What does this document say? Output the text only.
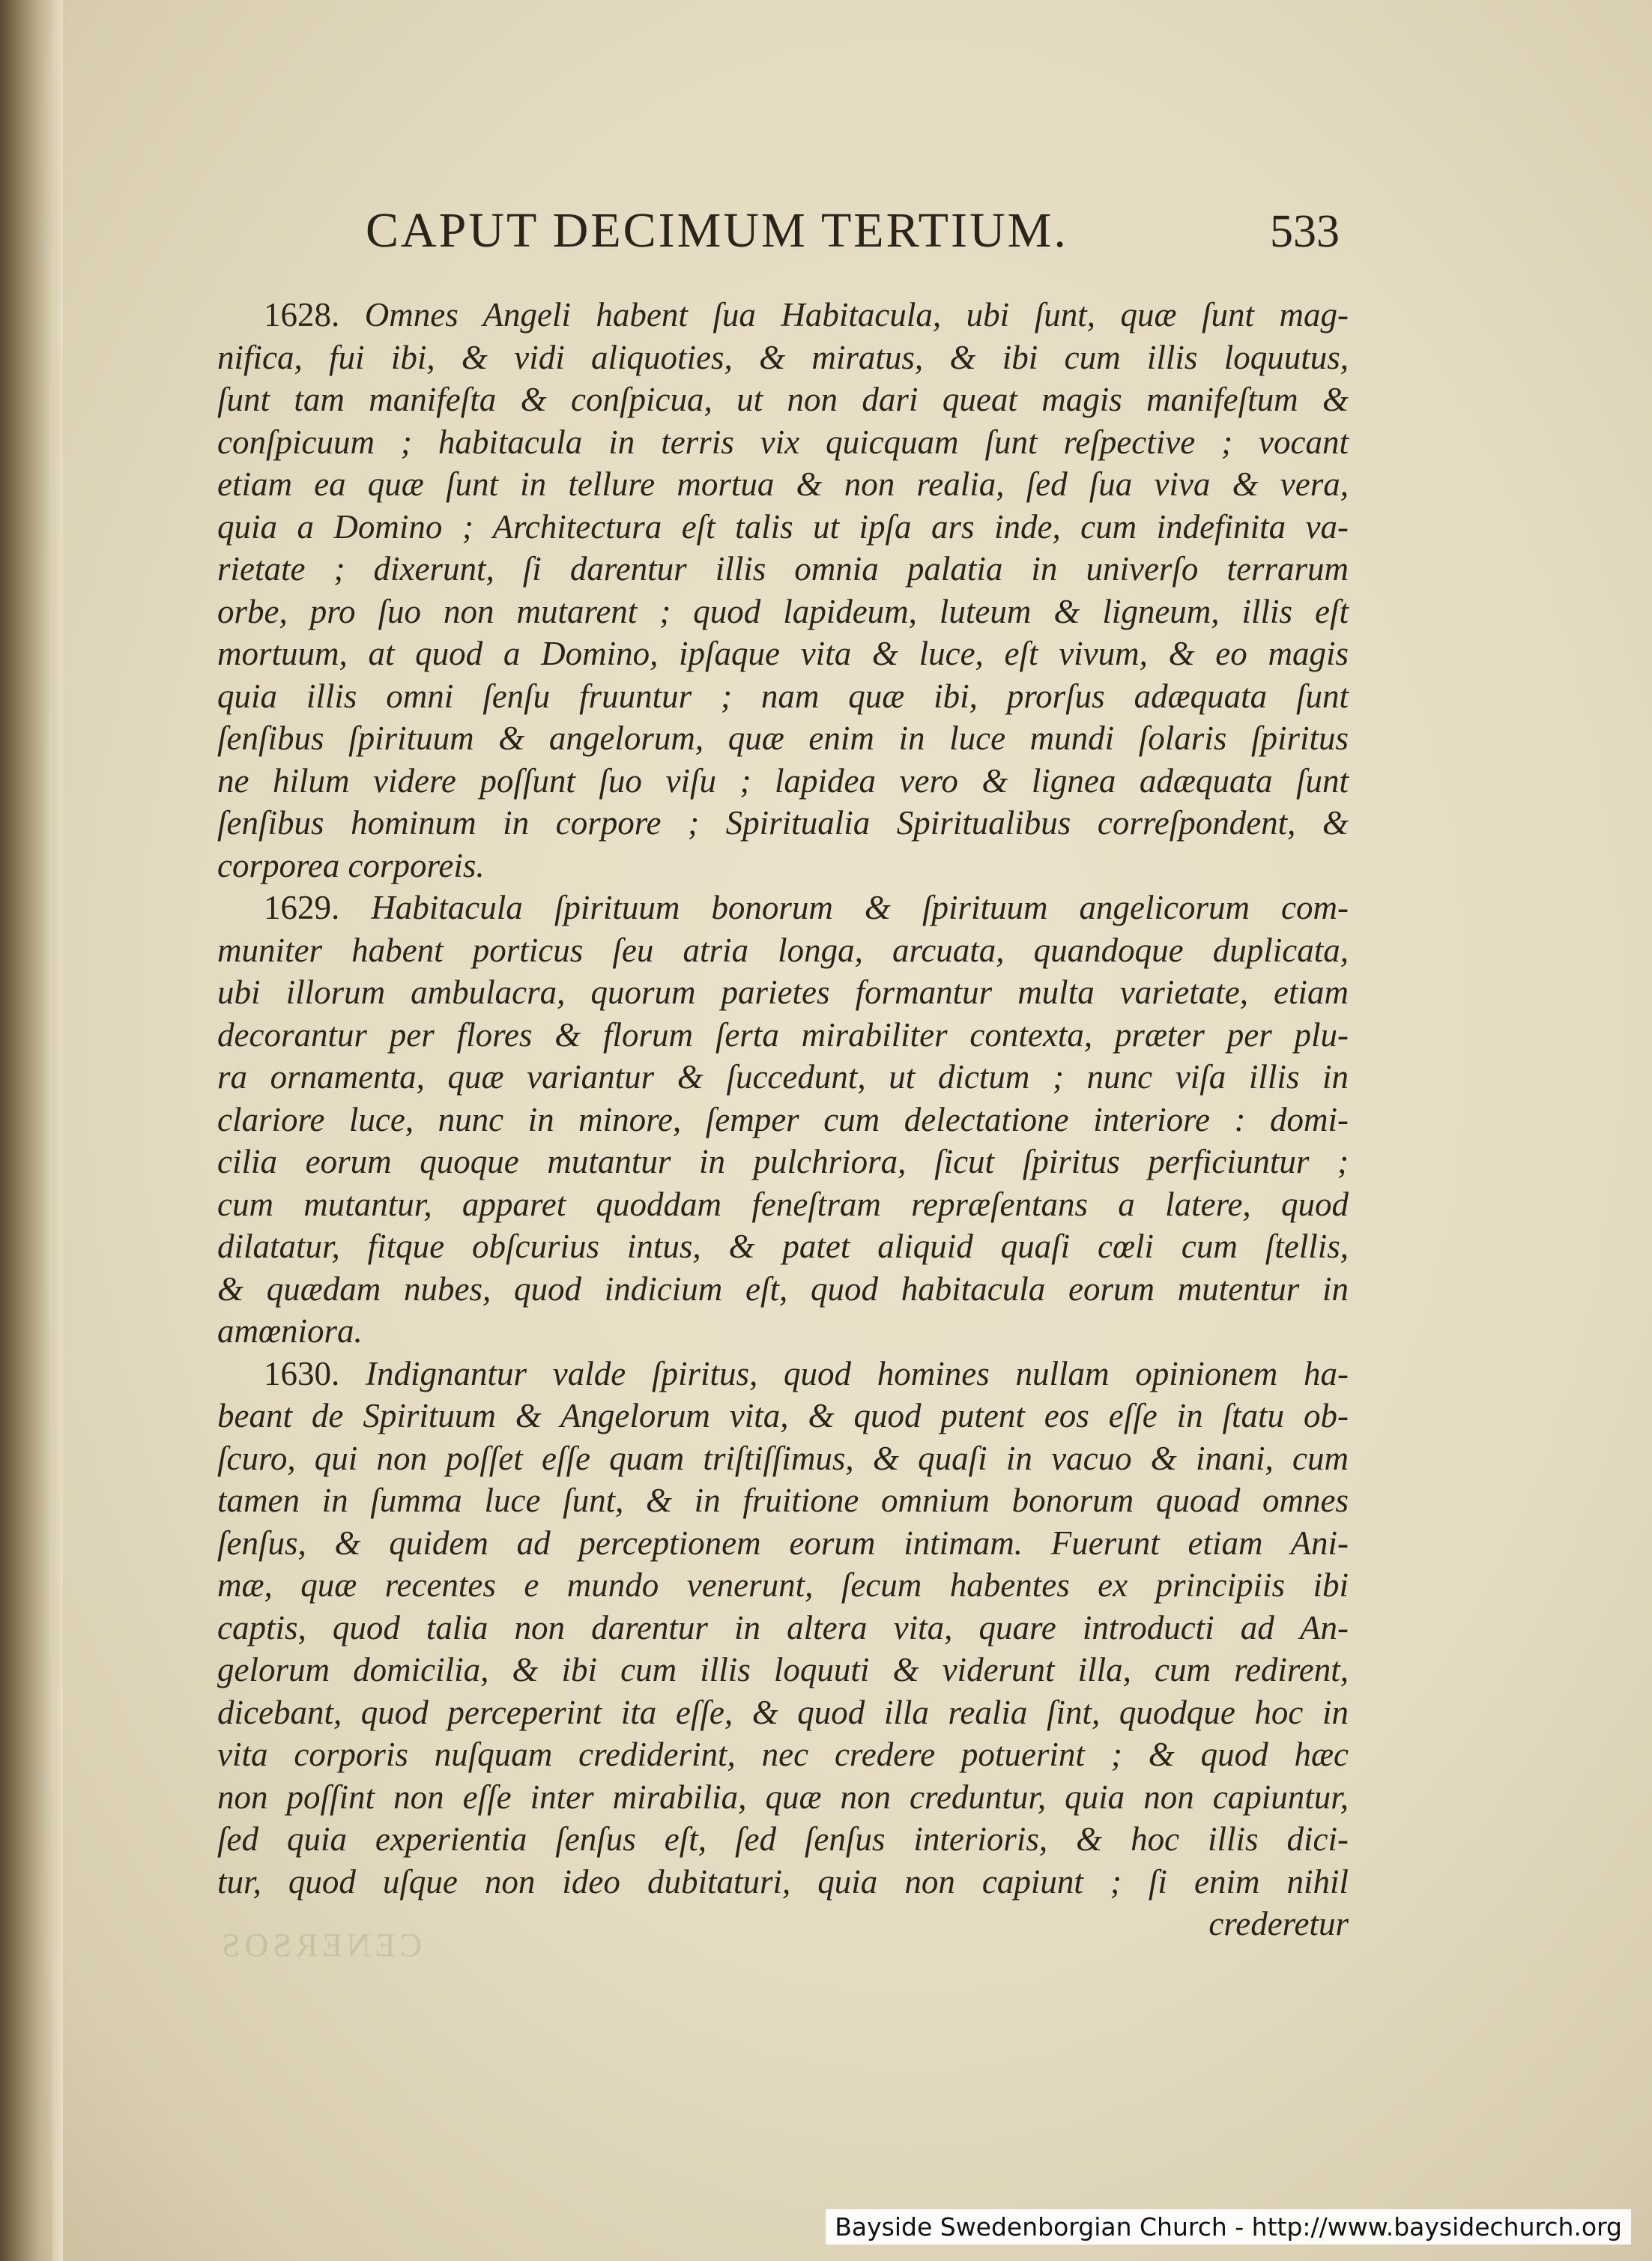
CAPUT DECIMUM TERTIUM.	533
1628. Omnes Angeli habent ſua Habitacula, ubi ſunt, quæ ſunt mag-
nifica, fui ibi, & vidi aliquoties, & miratus, & ibi cum illis loquutus,
ſunt tam manifeſta & conſpicua, ut non dari queat magis manifeſtum &
conſpicuum ; habitacula in terris vix quicquam ſunt reſpective ; vocant
etiam ea quæ ſunt in tellure mortua & non realia, ſed ſua viva & vera,
quia a Domino ; Architectura eſt talis ut ipſa ars inde, cum indefinita va-
rietate ; dixerunt, ſi darentur illis omnia palatia in univerſo terrarum
orbe, pro ſuo non mutarent ; quod lapideum, luteum & ligneum, illis eſt
mortuum, at quod a Domino, ipſaque vita & luce, eſt vivum, & eo magis
quia illis omni ſenſu fruuntur ; nam quæ ibi, prorſus adæquata ſunt
ſenſibus ſpirituum & angelorum, quæ enim in luce mundi ſolaris ſpiritus
ne hilum videre poſſunt ſuo viſu ; lapidea vero & lignea adæquata ſunt
ſenſibus hominum in corpore ; Spiritualia Spiritualibus correſpondent, &
corporea corporeis.
1629. Habitacula ſpirituum bonorum & ſpirituum angelicorum com-
muniter habent porticus ſeu atria longa, arcuata, quandoque duplicata,
ubi illorum ambulacra, quorum parietes formantur multa varietate, etiam
decorantur per flores & florum ſerta mirabiliter contexta, præter per plu-
ra ornamenta, quæ variantur & ſuccedunt, ut dictum ; nunc viſa illis in
clariore luce, nunc in minore, ſemper cum delectatione interiore : domi-
cilia eorum quoque mutantur in pulchriora, ſicut ſpiritus perficiuntur ;
cum mutantur, apparet quoddam feneſtram repræſentans a latere, quod
dilatatur, fitque obſcurius intus, & patet aliquid quaſi cœli cum ſtellis,
& quædam nubes, quod indicium eſt, quod habitacula eorum mutentur in
amœniora.
1630. Indignantur valde ſpiritus, quod homines nullam opinionem ha-
beant de Spirituum & Angelorum vita, & quod putent eos eſſe in ſtatu ob-
ſcuro, qui non poſſet eſſe quam triſtiſſimus, & quaſi in vacuo & inani, cum
tamen in ſumma luce ſunt, & in fruitione omnium bonorum quoad omnes
ſenſus, & quidem ad perceptionem eorum intimam. Fuerunt etiam Ani-
mæ, quæ recentes e mundo venerunt, ſecum habentes ex principiis ibi
captis, quod talia non darentur in altera vita, quare introducti ad An-
gelorum domicilia, & ibi cum illis loquuti & viderunt illa, cum redirent,
dicebant, quod perceperint ita eſſe, & quod illa realia ſint, quodque hoc in
vita corporis nuſquam crediderint, nec credere potuerint ; & quod hæc
non poſſint non eſſe inter mirabilia, quæ non creduntur, quia non capiuntur,
ſed quia experientia ſenſus eſt, ſed ſenſus interioris, & hoc illis dici-
tur, quod uſque non ideo dubitaturi, quia non capiunt ; ſi enim nihil
crederetur
CENERSOS
Bayside Swedenborgian Church - http://www.baysidechurch.org
